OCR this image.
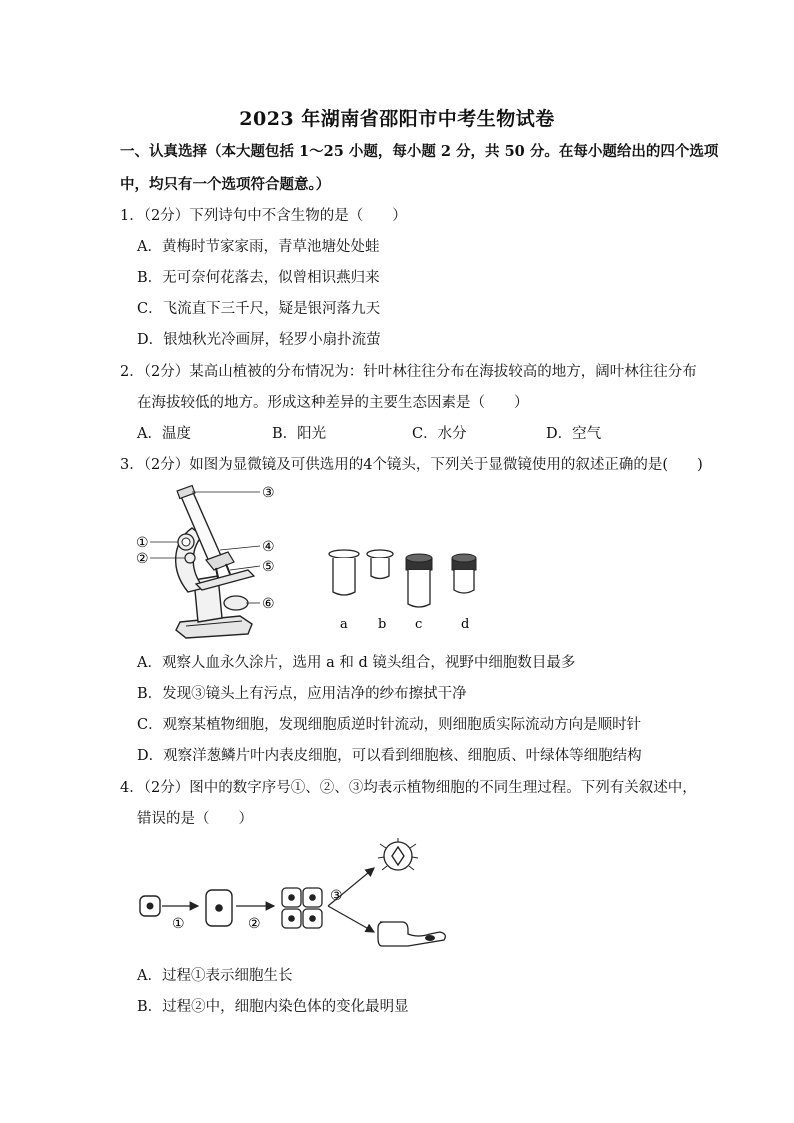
2023 年湖南省邵阳市中考生物试卷
一、认真选择（本大题包括 1～25 小题，每小题 2 分，共 50 分。在每小题给出的四个选项
中，均只有一个选项符合题意。）
1．（2分）下列诗句中不含生物的是（　　）
A．黄梅时节家家雨，青草池塘处处蛙
B．无可奈何花落去，似曾相识燕归来
C．飞流直下三千尺，疑是银河落九天
D．银烛秋光冷画屏，轻罗小扇扑流萤
2．（2分）某高山植被的分布情况为：针叶林往往分布在海拔较高的地方，阔叶林往往分布
在海拔较低的地方。形成这种差异的主要生态因素是（　　）
A．温度	B．阳光	C．水分	D．空气
3．（2分）如图为显微镜及可供选用的4个镜头，下列关于显微镜使用的叙述正确的是(　　)
①
②
③
④
⑤
⑥
a b c	d
A．观察人血永久涂片，选用 a 和 d 镜头组合，视野中细胞数目最多
B．发现③镜头上有污点，应用洁净的纱布擦拭干净
C．观察某植物细胞，发现细胞质逆时针流动，则细胞质实际流动方向是顺时针
D．观察洋葱鳞片叶内表皮细胞，可以看到细胞核、细胞质、叶绿体等细胞结构
4．（2分）图中的数字序号①、②、③均表示植物细胞的不同生理过程。下列有关叙述中，
错误的是（　　）
①	②
③
A．过程①表示细胞生长
B．过程②中，细胞内染色体的变化最明显
